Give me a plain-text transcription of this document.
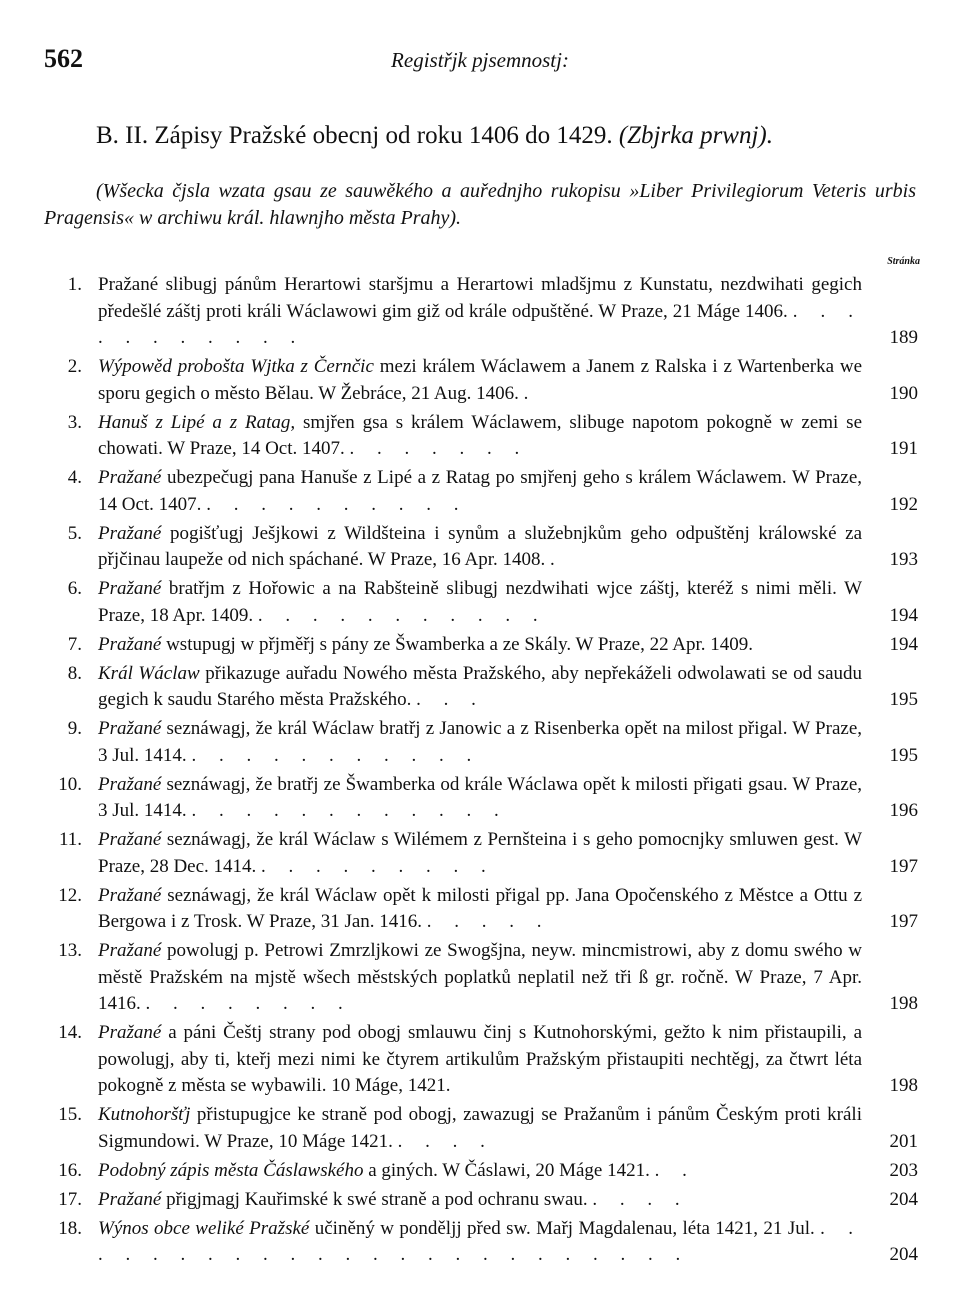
562	Registřjk pjsemnostj:
B. II. Zápisy Pražské obecnj od roku 1406 do 1429. (Zbjrka prwnj).
(Wšecka čjsla wzata gsau ze sauwěkého a auřednjho rukopisu »Liber Privilegiorum Veteris urbis Pragensis« w archiwu král. hlawnjho města Prahy).
Stránka
1. Pražané slibugj pánům Herartowi staršjmu a Herartowi mladšjmu z Kunstatu, nezdwihati gegich předešlé záštj proti králi Wáclawowi gim giž od krále odpuštěné. W Praze, 21 Máge 1406. . . . . . . . . . . .	189
2. Wýpowěd probošta Wjtka z Černčic mezi králem Wáclawem a Janem z Ralska i z Wartenberka we sporu gegich o město Bělau. W Žebráce, 21 Aug. 1406. .	190
3. Hanuš z Lipé a z Ratag, smjřen gsa s králem Wáclawem, slibuge napotom pokogně w zemi se chowati. W Praze, 14 Oct. 1407. . . . . . . .	191
4. Pražané ubezpečugj pana Hanuše z Lipé a z Ratag po smjřenj geho s králem Wáclawem. W Praze, 14 Oct. 1407. . . . . . . . . . .	192
5. Pražané pogišťugj Ješjkowi z Wildšteina i synům a služebnjkům geho odpuštěnj králowské za přjčinau laupeže od nich spáchané. W Praze, 16 Apr. 1408. .	193
6. Pražané bratřjm z Hořowic a na Rabšteině slibugj nezdwihati wjce záštj, kteréž s nimi měli. W Praze, 18 Apr. 1409. . . . . . . . . . . .	194
7. Pražané wstupugj w přjměřj s pány ze Šwamberka a ze Skály. W Praze, 22 Apr. 1409.	194
8. Král Wáclaw přikazuge auřadu Nowého města Pražského, aby nepřekáželi odwolawati se od saudu gegich k saudu Starého města Pražského. . . .	195
9. Pražané seznáwagj, že král Wáclaw bratřj z Janowic a z Risenberka opět na milost přigal. W Praze, 3 Jul. 1414. . . . . . . . . . . .	195
10. Pražané seznáwagj, že bratřj ze Šwamberka od krále Wáclawa opět k milosti přigati gsau. W Praze, 3 Jul. 1414. . . . . . . . . . . . .	196
11. Pražané seznáwagj, že král Wáclaw s Wilémem z Pernšteina i s geho pomocnjky smluwen gest. W Praze, 28 Dec. 1414. . . . . . . . . .	197
12. Pražané seznáwagj, že král Wáclaw opět k milosti přigal pp. Jana Opočenského z Městce a Ottu z Bergowa i z Trosk. W Praze, 31 Jan. 1416. . . . . .	197
13. Pražané powolugj p. Petrowi Zmrzljkowi ze Swogšjna, neyw. mincmistrowi, aby z domu swého w městě Pražském na mjstě wšech městských poplatků neplatil než tři ß gr. ročně. W Praze, 7 Apr. 1416. . . . . . . . .	198
14. Pražané a páni Češtj strany pod obogj smlauwu činj s Kutnohorskými, gežto k nim přistaupili, a powolugj, aby ti, kteřj mezi nimi ke čtyrem artikulům Pražským přistaupiti nechtěgj, za čtwrt léta pokogně z města se wybawili. 10 Máge, 1421.	198
15. Kutnohoršťj přistupugjce ke straně pod obogj, zawazugj se Pražanům i pánům Českým proti králi Sigmundowi. W Praze, 10 Máge 1421. . . . .	201
16. Podobný zápis města Čáslawského a giných. W Čáslawi, 20 Máge 1421. . .	203
17. Pražané přigjmagj Kauřimské k swé straně a pod ochranu swau. . . . .	204
18. Wýnos obce weliké Pražské učiněný w ponděljj před sw. Mařj Magdalenau, léta 1421, 21 Jul. . . . . . . . . . . . . . . . . . . . . . . . .	204
